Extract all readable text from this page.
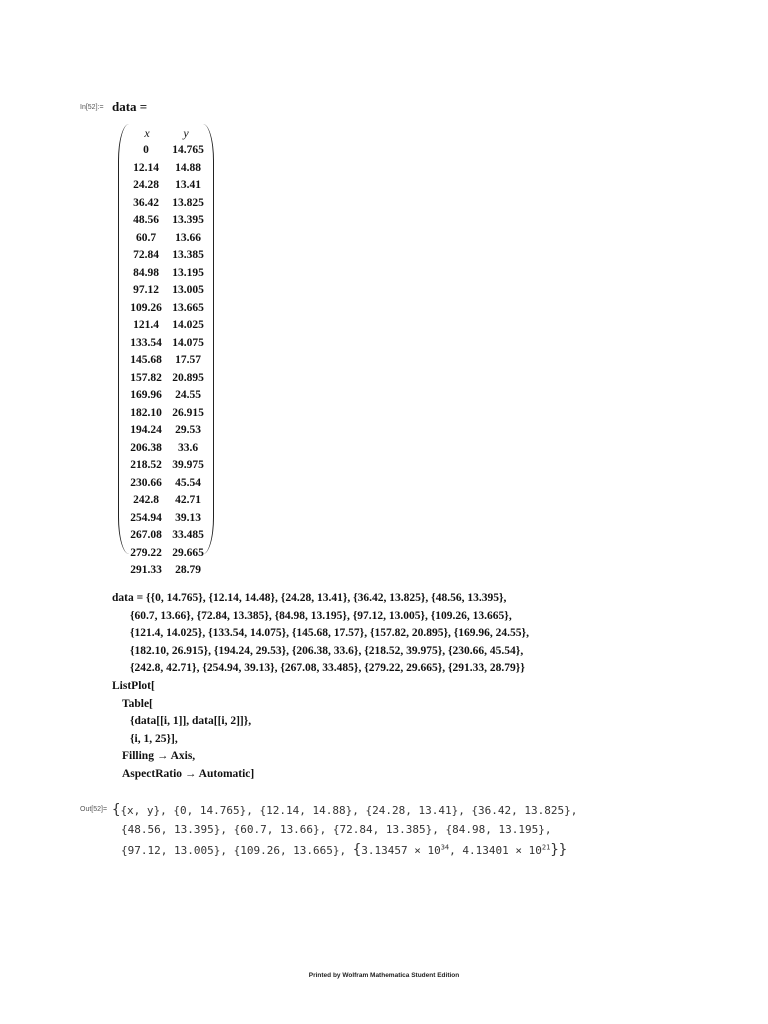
In[52]:= data =
x	y
0	14.765
12.14	14.88
24.28	13.41
36.42	13.825
48.56	13.395
60.7	13.66
72.84	13.385
84.98	13.195
97.12	13.005
109.26 13.665
121.4	14.025
133.54 14.075
145.68	17.57
157.82 20.895
169.96	24.55
182.10 26.915
194.24	29.53
206.38	33.6
218.52 39.975
230.66	45.54
242.8	42.71
254.94	39.13
267.08 33.485
279.22 29.665
291.33	28.79
data = {{0, 14.765}, {12.14, 14.48}, {24.28, 13.41}, {36.42, 13.825}, {48.56, 13.395},
{60.7, 13.66}, {72.84, 13.385}, {84.98, 13.195}, {97.12, 13.005}, {109.26, 13.665},
{121.4, 14.025}, {133.54, 14.075}, {145.68, 17.57}, {157.82, 20.895}, {169.96, 24.55},
{182.10, 26.915}, {194.24, 29.53}, {206.38, 33.6}, {218.52, 39.975}, {230.66, 45.54},
{242.8, 42.71}, {254.94, 39.13}, {267.08, 33.485}, {279.22, 29.665}, {291.33, 28.79}}
ListPlot[
Table[
{data[[i, 1]], data[[i, 2]]},
{i, 1, 25}],
Filling → Axis,
AspectRatio → Automatic]
Out[52]= {{x, y}, {0, 14.765}, {12.14, 14.88}, {24.28, 13.41}, {36.42, 13.825},
{48.56, 13.395}, {60.7, 13.66}, {72.84, 13.385}, {84.98, 13.195},
{97.12, 13.005}, {109.26, 13.665}, {$3.13457 \times 10^{34}$, $4.13401 \times 10^{21}$}}
Printed by Wolfram Mathematica Student Edition
